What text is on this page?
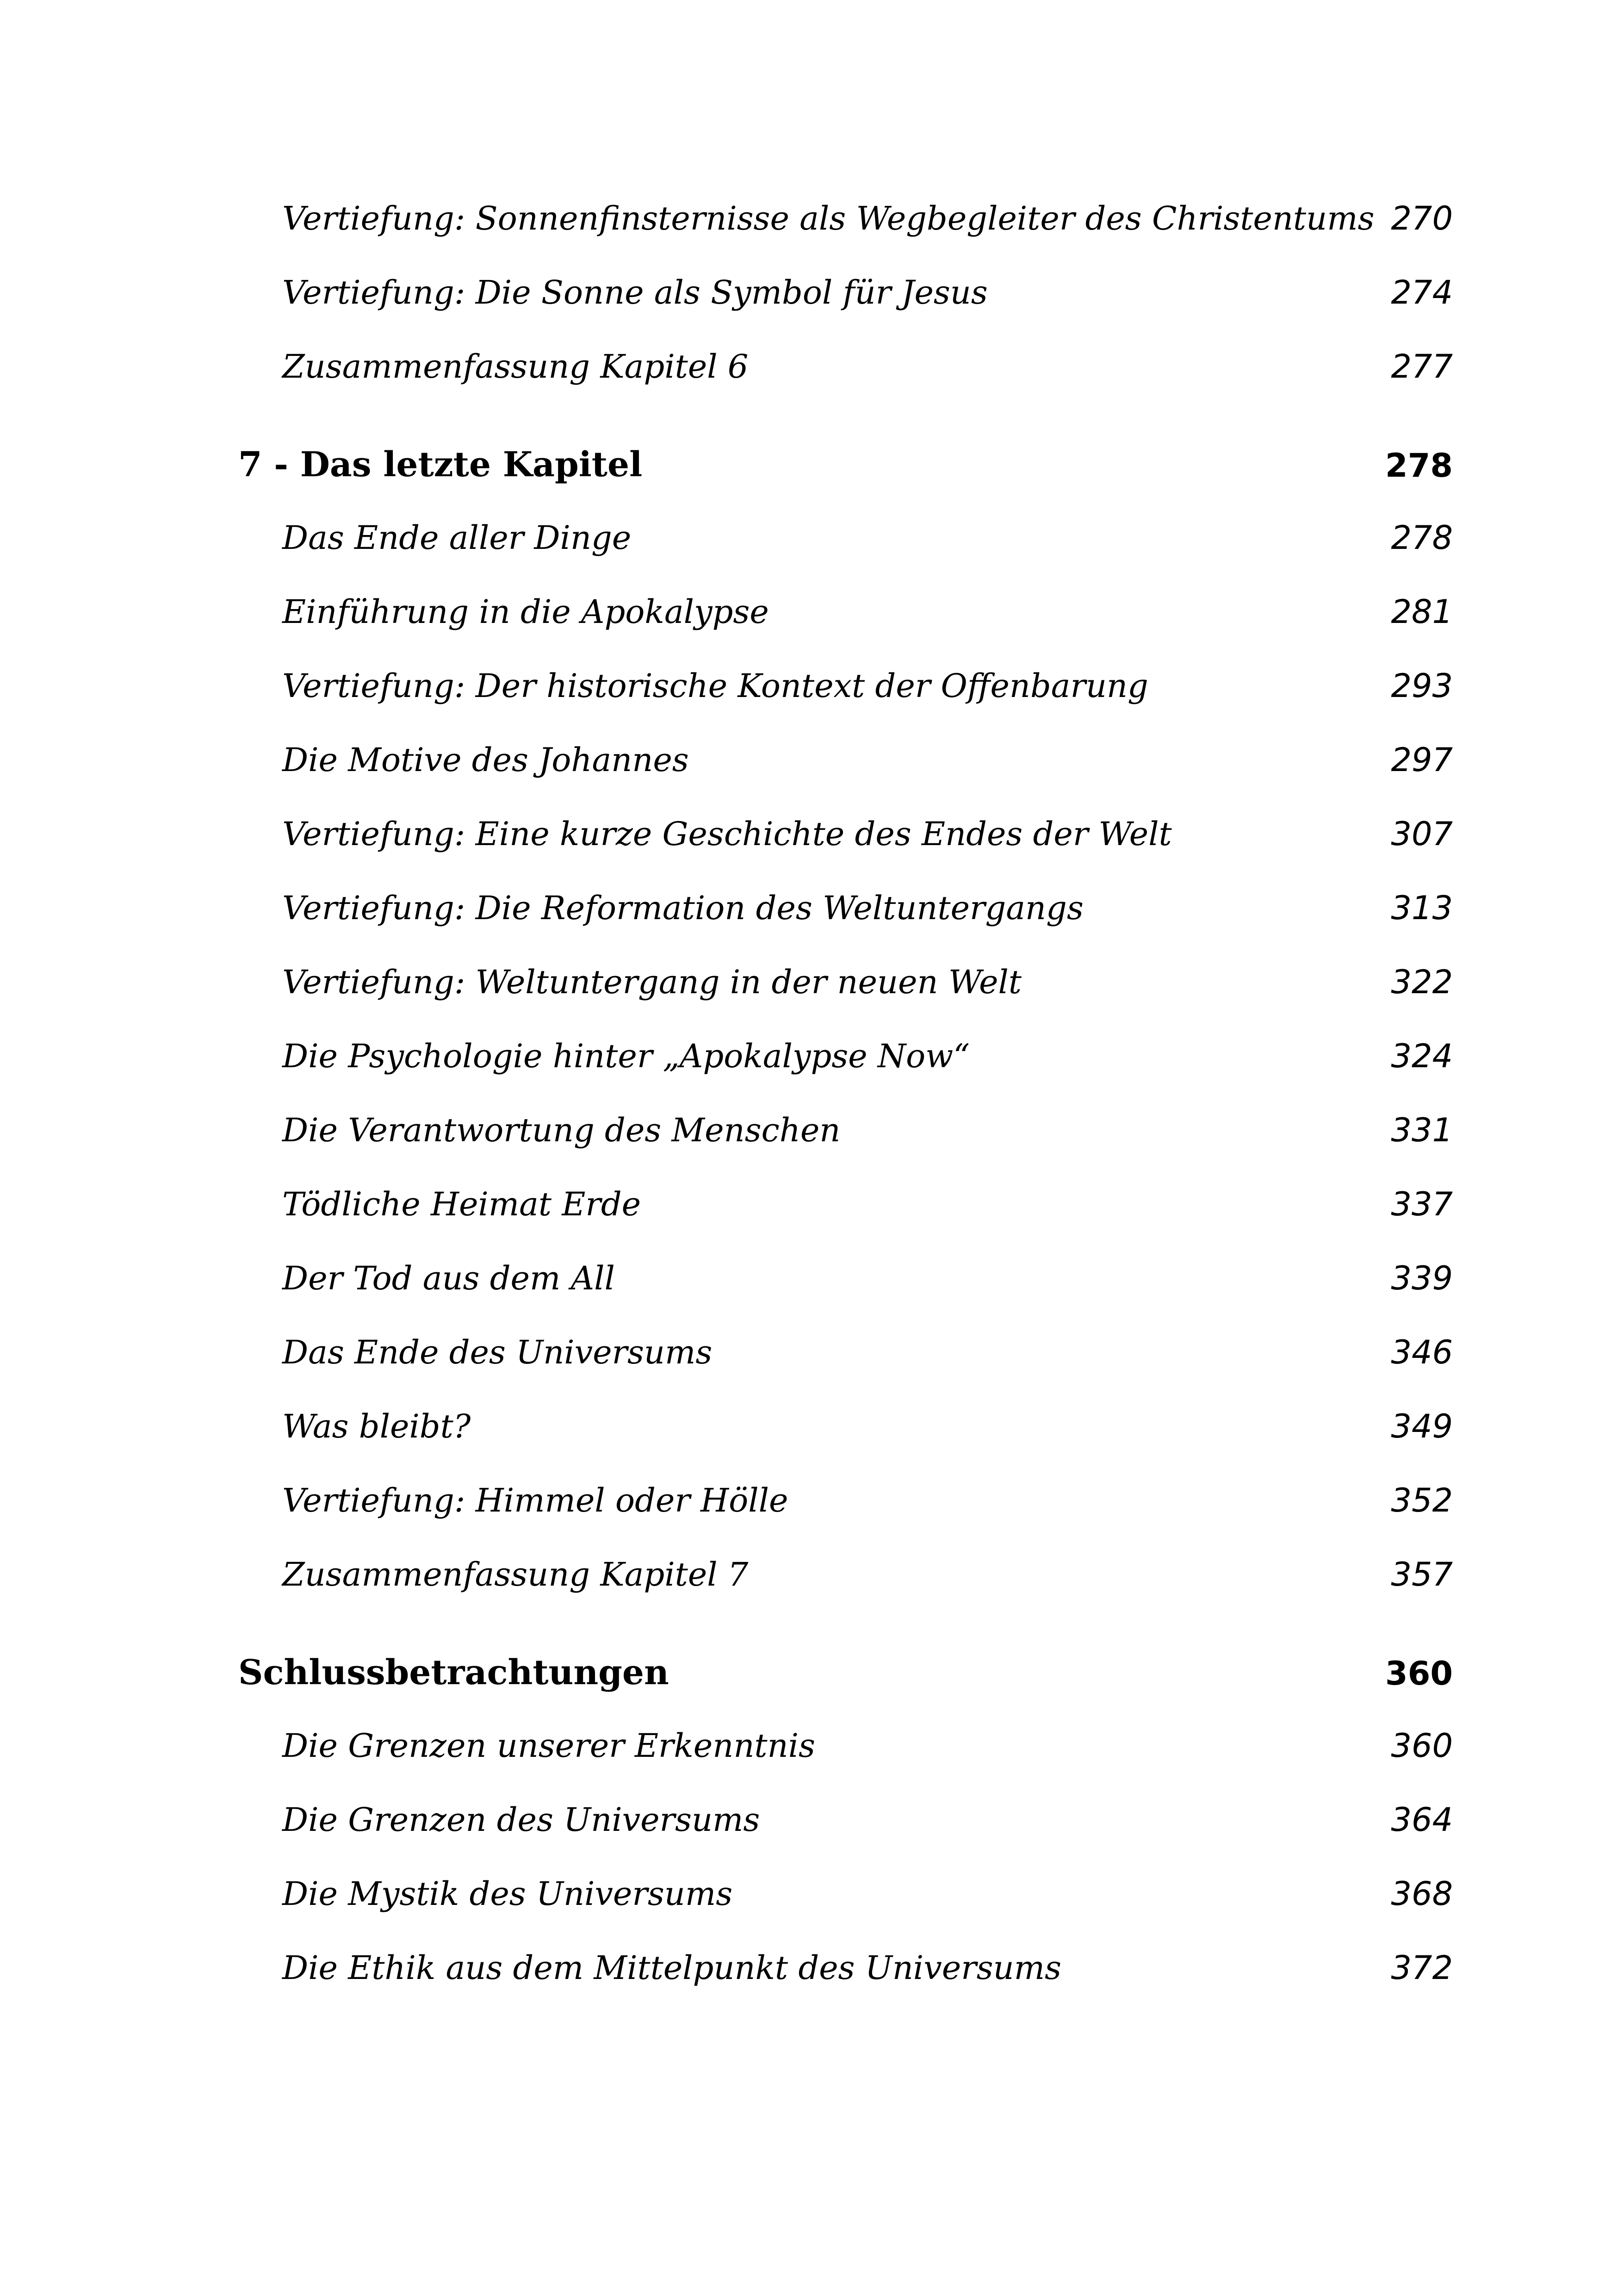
Vertiefung: Sonnenfinsternisse als Wegbegleiter des Christentums 270
Vertiefung: Die Sonne als Symbol für Jesus	274
Zusammenfassung Kapitel 6	277
7 - Das letzte Kapitel	278
Das Ende aller Dinge	278
Einführung in die Apokalypse	281
Vertiefung: Der historische Kontext der Offenbarung	293
Die Motive des Johannes	297
Vertiefung: Eine kurze Geschichte des Endes der Welt	307
Vertiefung: Die Reformation des Weltuntergangs	313
Vertiefung: Weltuntergang in der neuen Welt	322
Die Psychologie hinter „Apokalypse Now“	324
Die Verantwortung des Menschen	331
Tödliche Heimat Erde	337
Der Tod aus dem All	339
Das Ende des Universums	346
Was bleibt?	349
Vertiefung: Himmel oder Hölle	352
Zusammenfassung Kapitel 7	357
Schlussbetrachtungen	360
Die Grenzen unserer Erkenntnis	360
Die Grenzen des Universums	364
Die Mystik des Universums	368
Die Ethik aus dem Mittelpunkt des Universums	372
